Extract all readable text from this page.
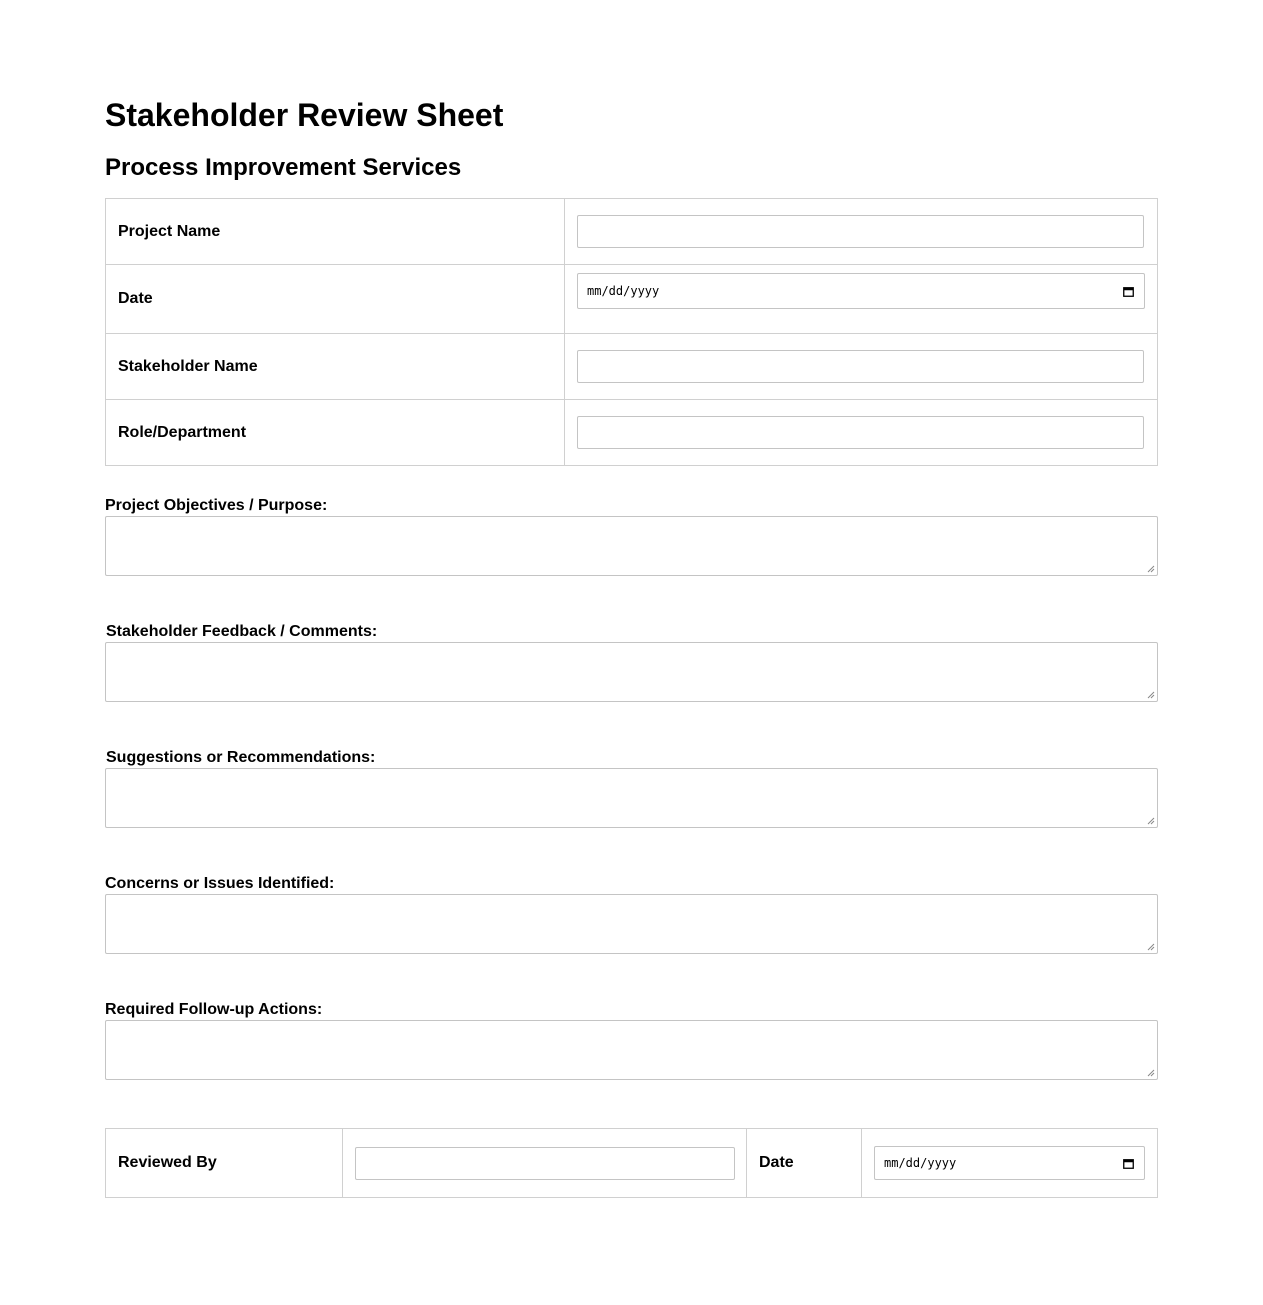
Stakeholder Review Sheet
Process Improvement Services
Project Name	

Date	mm/dd/yyyy

Stakeholder Name	

Role/Department	
Project Objectives / Purpose:
Stakeholder Feedback / Comments:
Suggestions or Recommendations:
Concerns or Issues Identified:
Required Follow-up Actions:
Reviewed By		Date	mm/dd/yyyy
